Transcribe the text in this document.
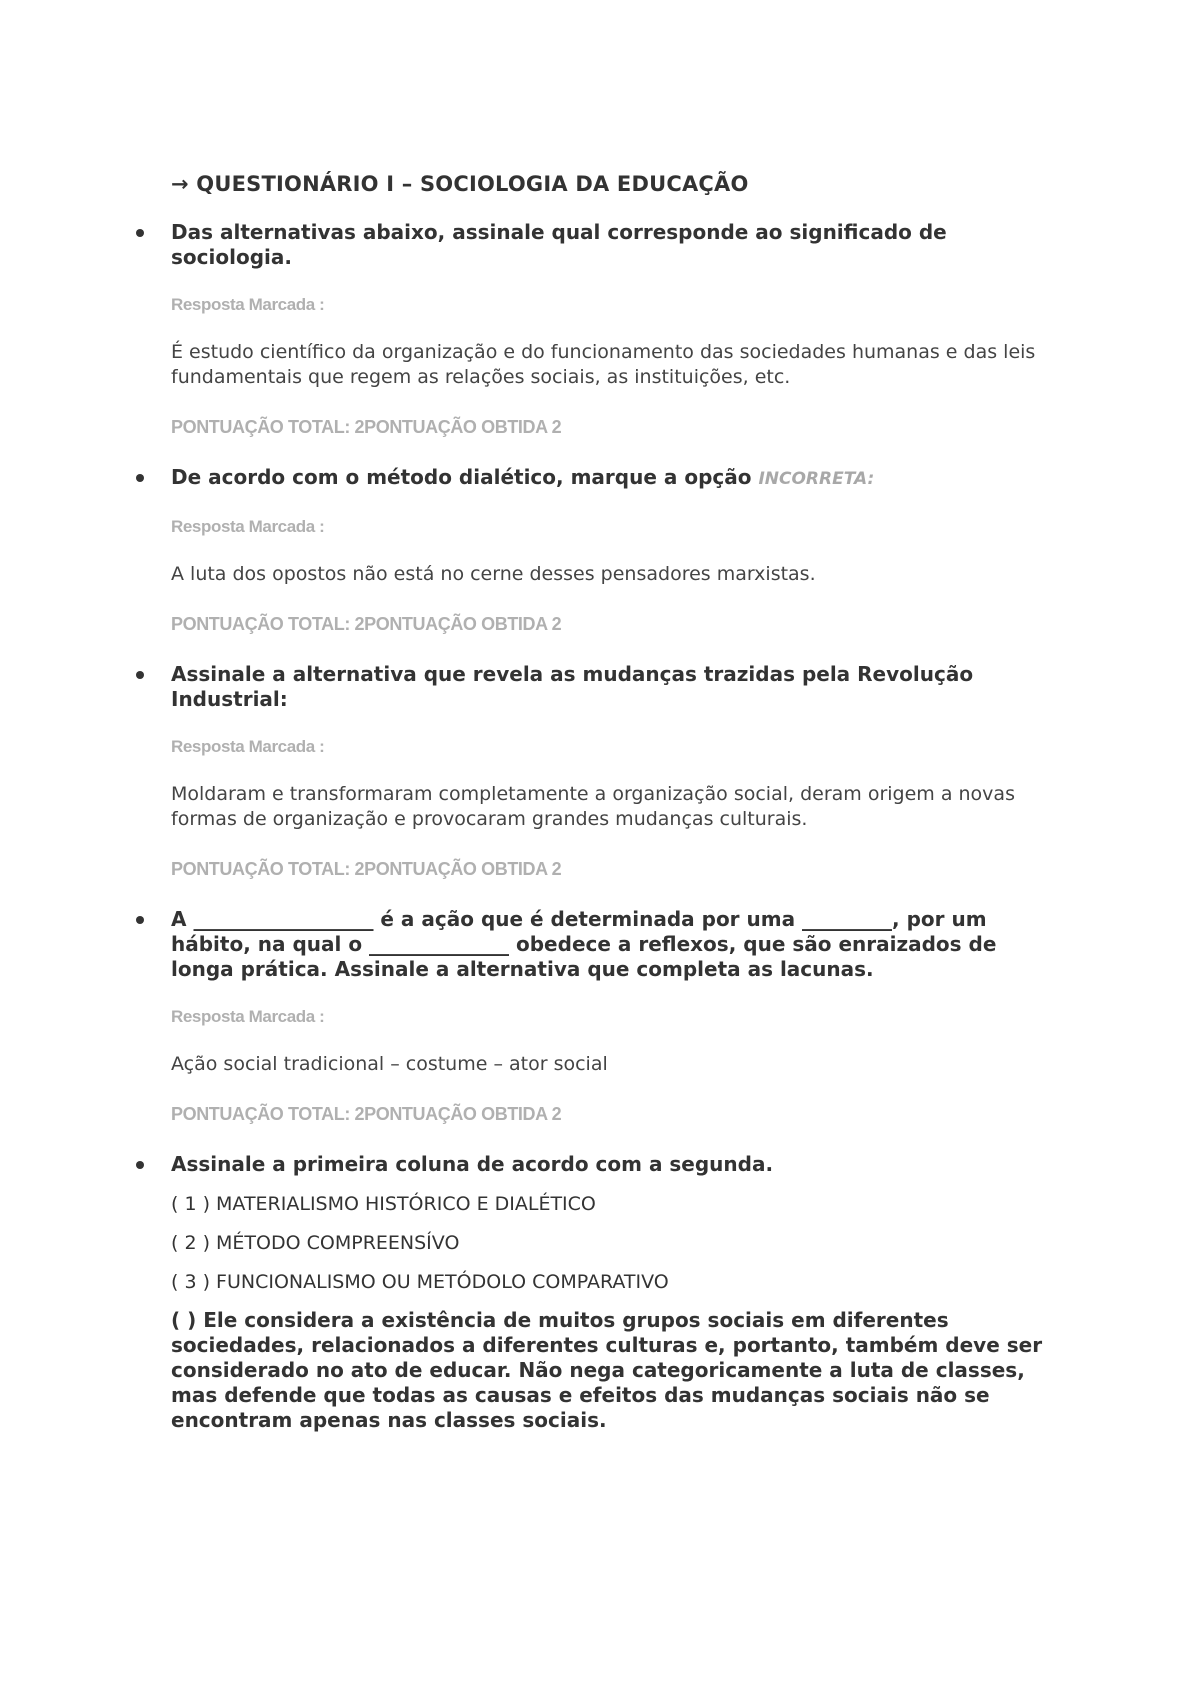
→ QUESTIONÁRIO I – SOCIOLOGIA DA EDUCAÇÃO

Das alternativas abaixo, assinale qual corresponde ao significado de sociologia.

Resposta Marcada :

É estudo científico da organização e do funcionamento das sociedades humanas e das leis fundamentais que regem as relações sociais, as instituições, etc.

PONTUAÇÃO TOTAL: 2PONTUAÇÃO OBTIDA 2

De acordo com o método dialético, marque a opção INCORRETA:

Resposta Marcada :

A luta dos opostos não está no cerne desses pensadores marxistas.

PONTUAÇÃO TOTAL: 2PONTUAÇÃO OBTIDA 2

Assinale a alternativa que revela as mudanças trazidas pela Revolução Industrial:

Resposta Marcada :

Moldaram e transformaram completamente a organização social, deram origem a novas formas de organização e provocaram grandes mudanças culturais.

PONTUAÇÃO TOTAL: 2PONTUAÇÃO OBTIDA 2

A __________________ é a ação que é determinada por uma _________, por um hábito, na qual o ______________ obedece a reflexos, que são enraizados de longa prática. Assinale a alternativa que completa as lacunas.

Resposta Marcada :

Ação social tradicional – costume – ator social

PONTUAÇÃO TOTAL: 2PONTUAÇÃO OBTIDA 2

Assinale a primeira coluna de acordo com a segunda.

( 1 ) MATERIALISMO HISTÓRICO E DIALÉTICO

( 2 ) MÉTODO COMPREENSÍVO

( 3 ) FUNCIONALISMO OU METÓDOLO COMPARATIVO

( ) Ele considera a existência de muitos grupos sociais em diferentes sociedades, relacionados a diferentes culturas e, portanto, também deve ser considerado no ato de educar. Não nega categoricamente a luta de classes, mas defende que todas as causas e efeitos das mudanças sociais não se encontram apenas nas classes sociais.
